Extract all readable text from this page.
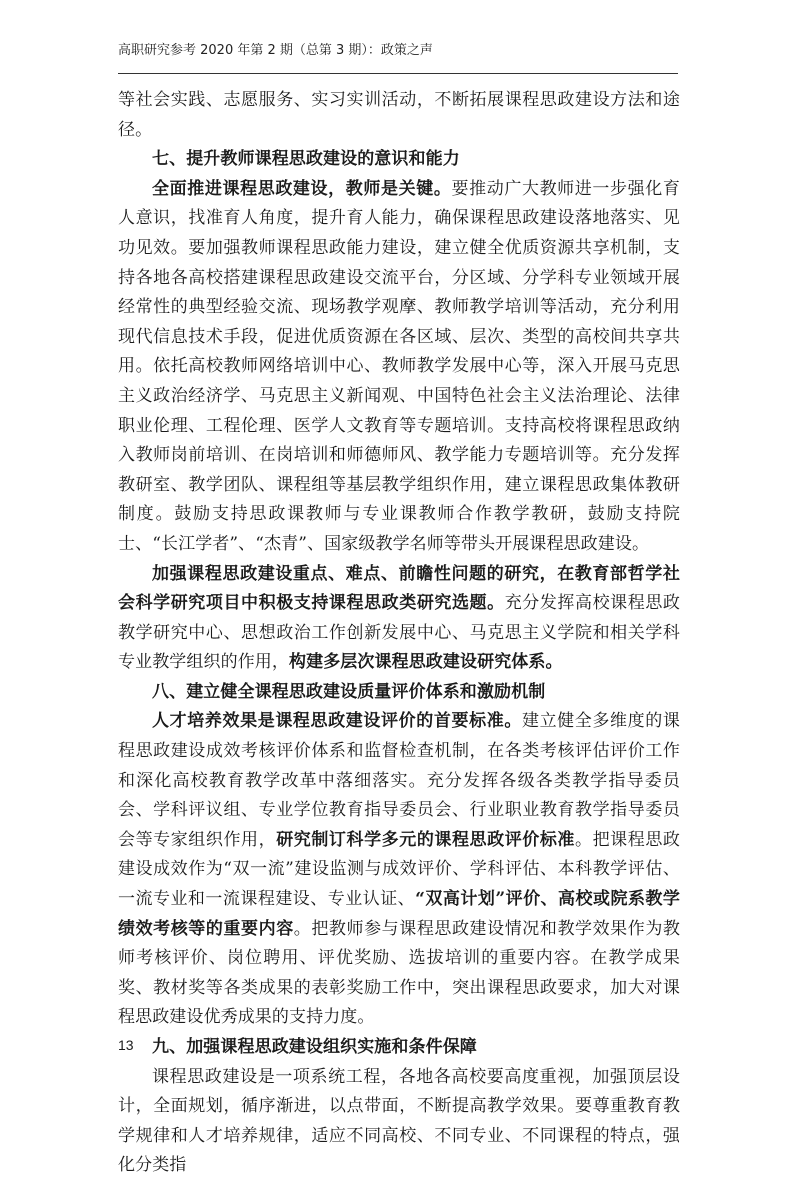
高职研究参考 2020 年第 2 期（总第 3 期）：政策之声

等社会实践、志愿服务、实习实训活动，不断拓展课程思政建设方法和途径。

七、提升教师课程思政建设的意识和能力

全面推进课程思政建设，教师是关键。要推动广大教师进一步强化育人意识，找准育人角度，提升育人能力，确保课程思政建设落地落实、见功见效。要加强教师课程思政能力建设，建立健全优质资源共享机制，支持各地各高校搭建课程思政建设交流平台，分区域、分学科专业领域开展经常性的典型经验交流、现场教学观摩、教师教学培训等活动，充分利用现代信息技术手段，促进优质资源在各区域、层次、类型的高校间共享共用。依托高校教师网络培训中心、教师教学发展中心等，深入开展马克思主义政治经济学、马克思主义新闻观、中国特色社会主义法治理论、法律职业伦理、工程伦理、医学人文教育等专题培训。支持高校将课程思政纳入教师岗前培训、在岗培训和师德师风、教学能力专题培训等。充分发挥教研室、教学团队、课程组等基层教学组织作用，建立课程思政集体教研制度。鼓励支持思政课教师与专业课教师合作教学教研，鼓励支持院士、“长江学者”、“杰青”、国家级教学名师等带头开展课程思政建设。

加强课程思政建设重点、难点、前瞻性问题的研究，在教育部哲学社会科学研究项目中积极支持课程思政类研究选题。充分发挥高校课程思政教学研究中心、思想政治工作创新发展中心、马克思主义学院和相关学科专业教学组织的作用，构建多层次课程思政建设研究体系。

八、建立健全课程思政建设质量评价体系和激励机制

人才培养效果是课程思政建设评价的首要标准。建立健全多维度的课程思政建设成效考核评价体系和监督检查机制，在各类考核评估评价工作和深化高校教育教学改革中落细落实。充分发挥各级各类教学指导委员会、学科评议组、专业学位教育指导委员会、行业职业教育教学指导委员会等专家组织作用，研究制订科学多元的课程思政评价标准。把课程思政建设成效作为“双一流”建设监测与成效评价、学科评估、本科教学评估、一流专业和一流课程建设、专业认证、“双高计划”评价、高校或院系教学绩效考核等的重要内容。把教师参与课程思政建设情况和教学效果作为教师考核评价、岗位聘用、评优奖励、选拔培训的重要内容。在教学成果奖、教材奖等各类成果的表彰奖励工作中，突出课程思政要求，加大对课程思政建设优秀成果的支持力度。

九、加强课程思政建设组织实施和条件保障

课程思政建设是一项系统工程，各地各高校要高度重视，加强顶层设计，全面规划，循序渐进，以点带面，不断提高教学效果。要尊重教育教学规律和人才培养规律，适应不同高校、不同专业、不同课程的特点，强化分类指

13
